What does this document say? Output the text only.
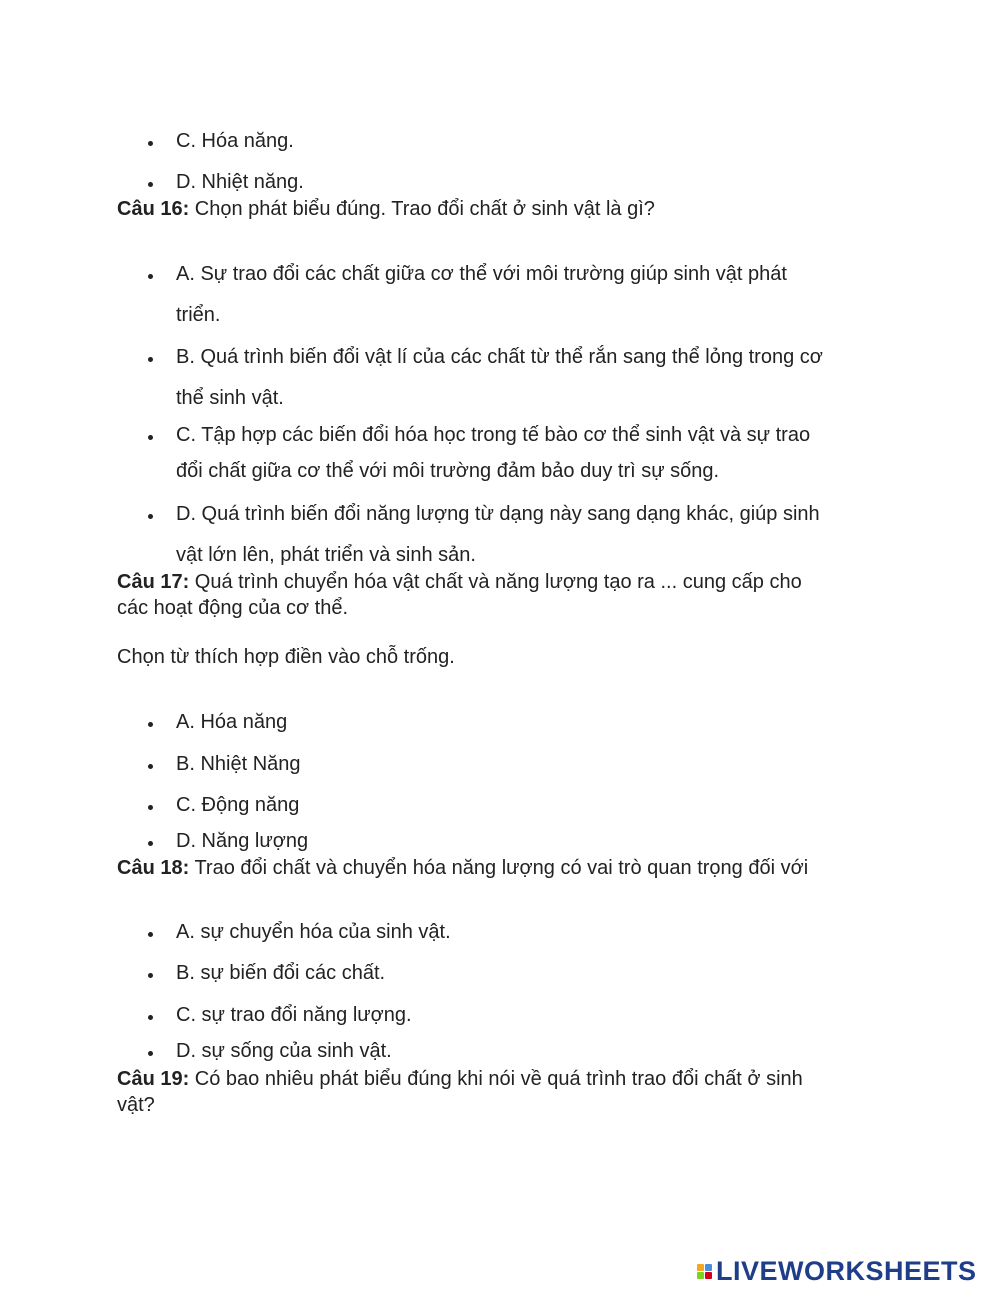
C. Hóa năng.
D. Nhiệt năng.
Câu 16: Chọn phát biểu đúng. Trao đổi chất ở sinh vật là gì?
A. Sự trao đổi các chất giữa cơ thể với môi trường giúp sinh vật phát
triển.
B. Quá trình biến đổi vật lí của các chất từ thể rắn sang thể lỏng trong cơ
thể sinh vật.
C. Tập hợp các biến đổi hóa học trong tế bào cơ thể sinh vật và sự trao
đổi chất giữa cơ thể với môi trường đảm bảo duy trì sự sống.
D. Quá trình biến đổi năng lượng từ dạng này sang dạng khác, giúp sinh
vật lớn lên, phát triển và sinh sản.
Câu 17: Quá trình chuyển hóa vật chất và năng lượng tạo ra ... cung cấp cho
các hoạt động của cơ thể.
Chọn từ thích hợp điền vào chỗ trống.
A. Hóa năng
B. Nhiệt Năng
C. Động năng
D. Năng lượng
Câu 18: Trao đổi chất và chuyển hóa năng lượng có vai trò quan trọng đối với
A. sự chuyển hóa của sinh vật.
B. sự biến đổi các chất.
C. sự trao đổi năng lượng.
D. sự sống của sinh vật.
Câu 19: Có bao nhiêu phát biểu đúng khi nói về quá trình trao đổi chất ở sinh
vật?
LIVEWORKSHEETS
